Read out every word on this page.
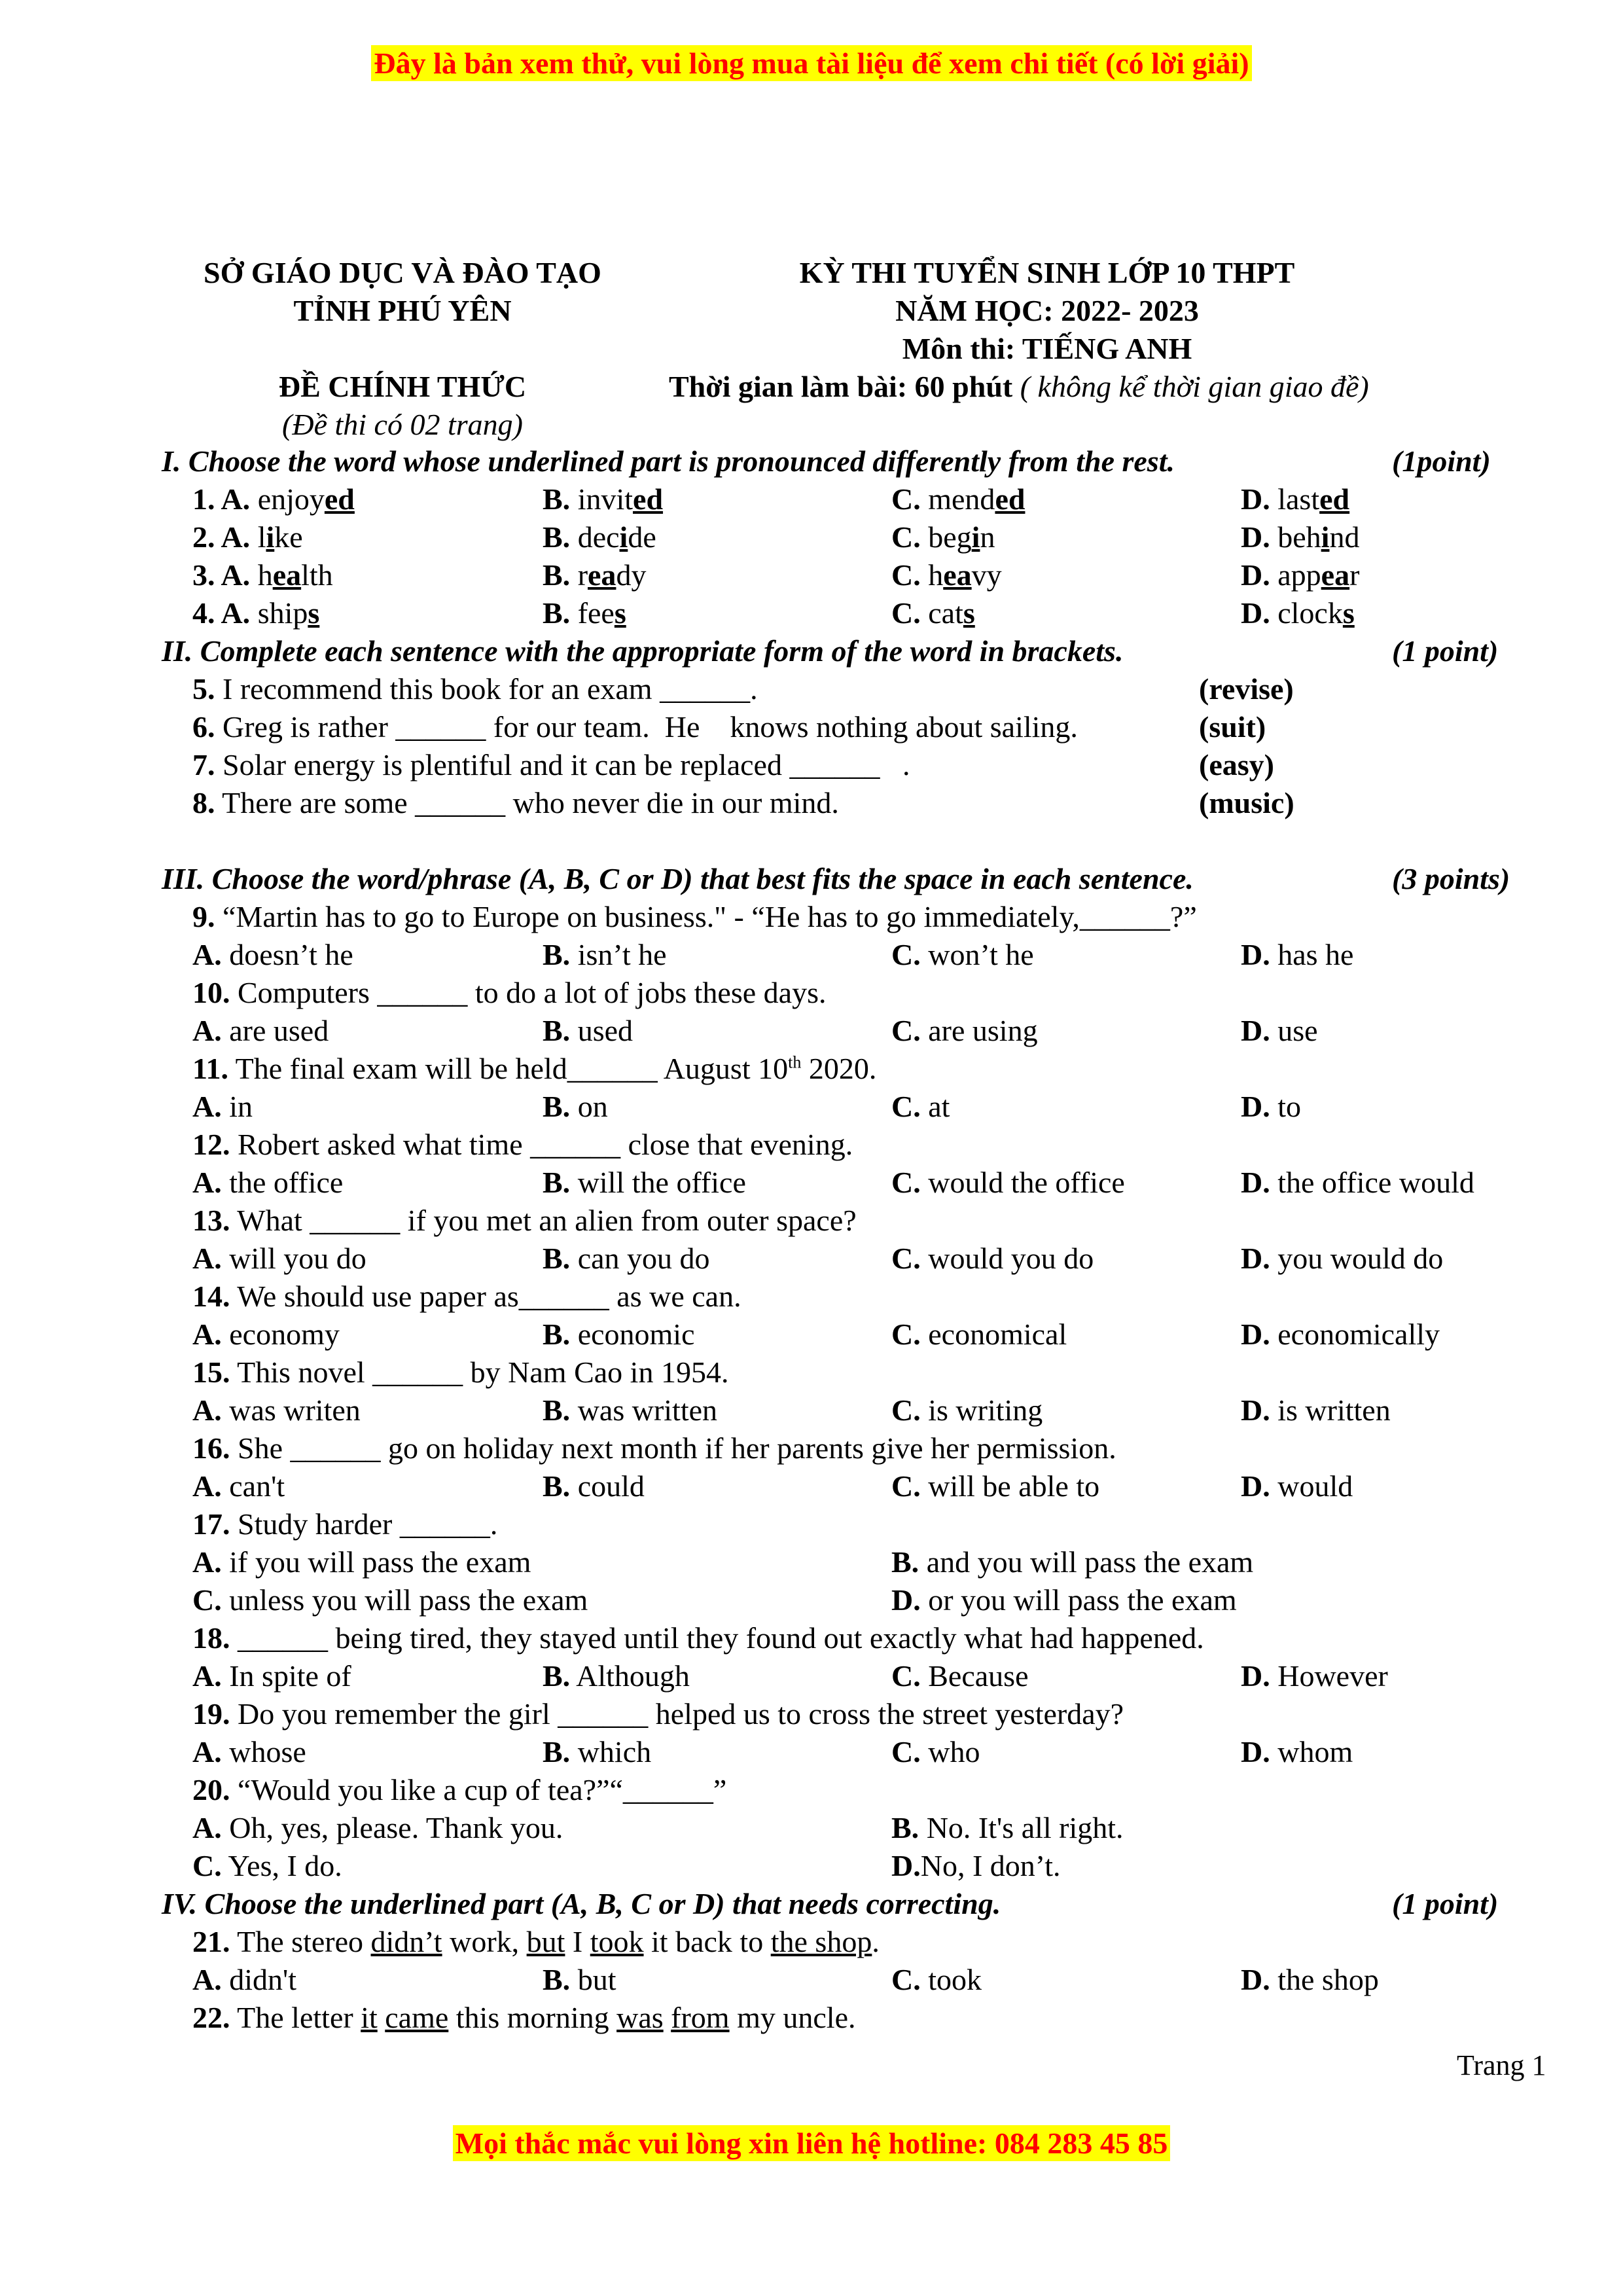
Đây là bản xem thử, vui lòng mua tài liệu để xem chi tiết (có lời giải)
SỞ GIÁO DỤC VÀ ĐÀO TẠO
TỈNH PHÚ YÊN
KỲ THI TUYỂN SINH LỚP 10 THPT
NĂM HỌC: 2022- 2023
Môn thi: TIẾNG ANH
ĐỀ CHÍNH THỨC
(Đề thi có 02 trang)
Thời gian làm bài: 60 phút ( không kể thời gian giao đề)
I. Choose the word whose underlined part is pronounced differently from the rest.	(1point)
1. A. enjoyed	B. invited	C. mended	D. lasted
2. A. like	B. decide	C. begin	D. behind
3. A. health	B. ready	C. heavy	D. appear
4. A. ships	B. fees	C. cats	D. clocks
II. Complete each sentence with the appropriate form of the word in brackets.	(1 point)
5. I recommend this book for an exam ______.	(revise)
6. Greg is rather ______ for our team.  He    knows nothing about sailing.	(suit)
7. Solar energy is plentiful and it can be replaced ______   .	(easy)
8. There are some ______ who never die in our mind.	(music)
III. Choose the word/phrase (A, B, C or D) that best fits the space in each sentence.	(3 points)
9. “Martin has to go to Europe on business." - “He has to go immediately,______?”
A. doesn’t he	B. isn’t he	C. won’t he	D. has he
10. Computers ______ to do a lot of jobs these days.
A. are used	B. used	C. are using	D. use
11. The final exam will be held______ August 10th 2020.
A. in	B. on	C. at	D. to
12. Robert asked what time ______ close that evening.
A. the office	B. will the office	C. would the office	D. the office would
13. What ______ if you met an alien from outer space?
A. will you do	B. can you do	C. would you do	D. you would do
14. We should use paper as______ as we can.
A. economy	B. economic	C. economical	D. economically
15. This novel ______ by Nam Cao in 1954.
A. was writen	B. was written	C. is writing	D. is written
16. She ______ go on holiday next month if her parents give her permission.
A. can't	B. could	C. will be able to	D. would
17. Study harder ______.
A. if you will pass the exam	B. and you will pass the exam
C. unless you will pass the exam	D. or you will pass the exam
18. ______ being tired, they stayed until they found out exactly what had happened.
A. In spite of	B. Although	C. Because	D. However
19. Do you remember the girl ______ helped us to cross the street yesterday?
A. whose	B. which	C. who	D. whom
20. “Would you like a cup of tea?”“______”
A. Oh, yes, please. Thank you.	B. No. It's all right.
C. Yes, I do.	D.No, I don’t.
IV. Choose the underlined part (A, B, C or D) that needs correcting.	(1 point)
21. The stereo didn’t work, but I took it back to the shop.
A. didn't	B. but	C. took	D. the shop
22. The letter it came this morning was from my uncle.
Trang 1
Mọi thắc mắc vui lòng xin liên hệ hotline: 084 283 45 85
